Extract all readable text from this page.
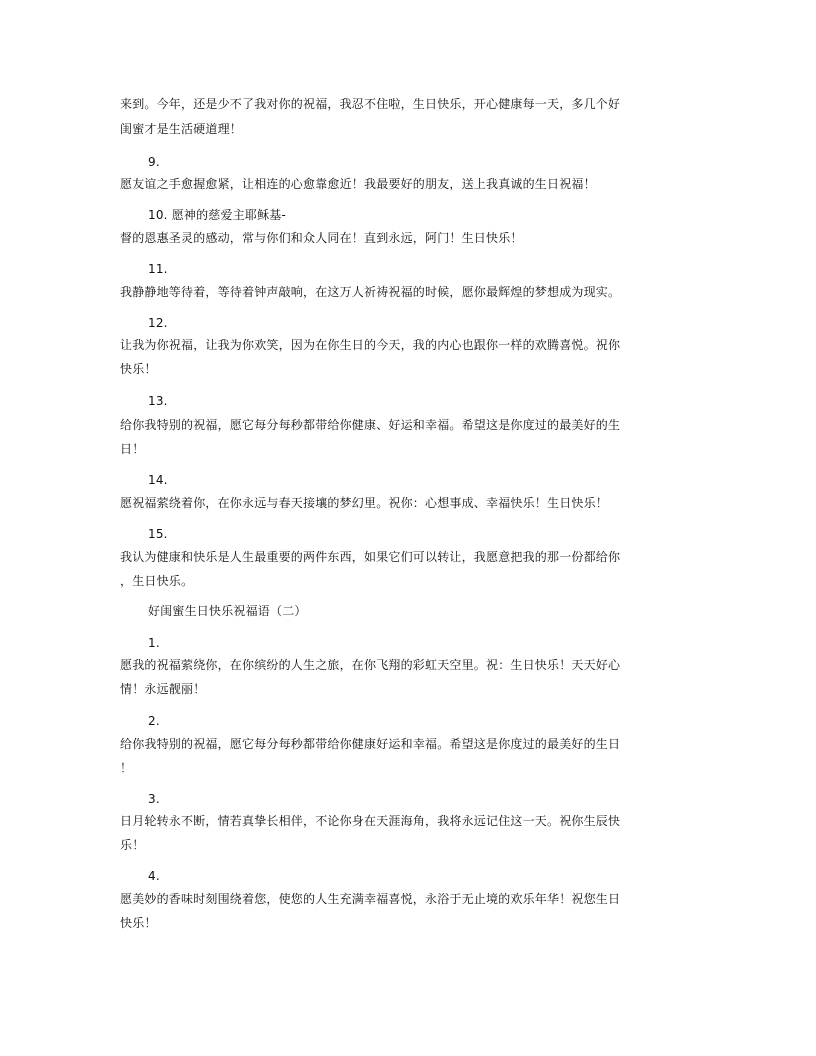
来到。今年，还是少不了我对你的祝福，我忍不住啦，生日快乐，开心健康每一天，多几个好
闺蜜才是生活硬道理！
9.
愿友谊之手愈握愈紧，让相连的心愈靠愈近！我最要好的朋友，送上我真诚的生日祝福！
10. 愿神的慈爱主耶稣基-
督的恩惠圣灵的感动，常与你们和众人同在！直到永远，阿门！生日快乐！
11.
我静静地等待着，等待着钟声敲响，在这万人祈祷祝福的时候，愿你最辉煌的梦想成为现实。
12.
让我为你祝福，让我为你欢笑，因为在你生日的今天，我的内心也跟你一样的欢腾喜悦。祝你
快乐！
13.
给你我特别的祝福，愿它每分每秒都带给你健康、好运和幸福。希望这是你度过的最美好的生
日！
14.
愿祝福萦绕着你，在你永远与春天接壤的梦幻里。祝你：心想事成、幸福快乐！生日快乐！
15.
我认为健康和快乐是人生最重要的两件东西，如果它们可以转让，我愿意把我的那一份都给你
，生日快乐。
好闺蜜生日快乐祝福语（二）
1.
愿我的祝福萦绕你，在你缤纷的人生之旅，在你飞翔的彩虹天空里。祝：生日快乐！天天好心
情！永远靓丽！
2.
给你我特别的祝福，愿它每分每秒都带给你健康好运和幸福。希望这是你度过的最美好的生日
！
3.
日月轮转永不断，情若真挚长相伴，不论你身在天涯海角，我将永远记住这一天。祝你生辰快
乐！
4.
愿美妙的香味时刻围绕着您，使您的人生充满幸福喜悦，永浴于无止境的欢乐年华！祝您生日
快乐！
